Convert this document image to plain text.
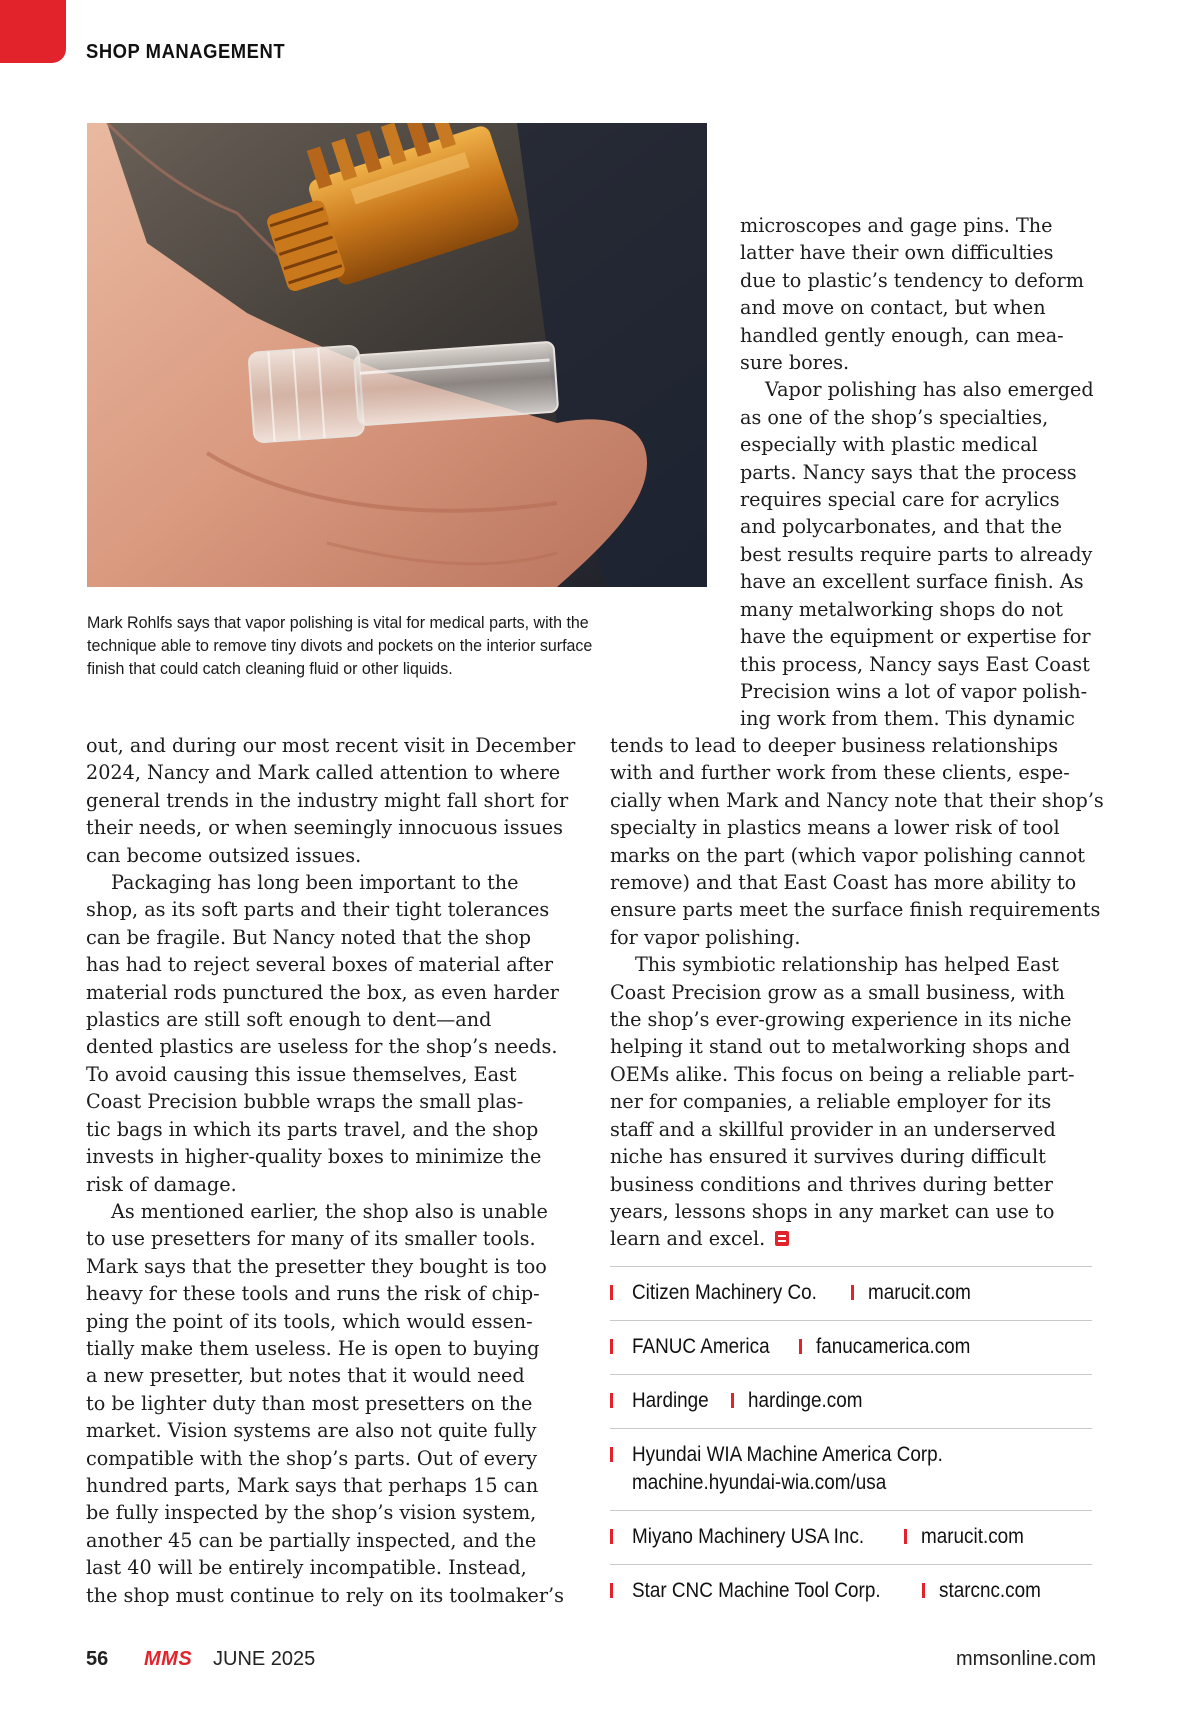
SHOP MANAGEMENT
Mark Rohlfs says that vapor polishing is vital for medical parts, with the
technique able to remove tiny divots and pockets on the interior surface
finish that could catch cleaning fluid or other liquids.
microscopes and gage pins. The
latter have their own difficulties
due to plastic’s tendency to deform
and move on contact, but when
handled gently enough, can mea-
sure bores.
Vapor polishing has also emerged
as one of the shop’s specialties,
especially with plastic medical
parts. Nancy says that the process
requires special care for acrylics
and polycarbonates, and that the
best results require parts to already
have an excellent surface finish. As
many metalworking shops do not
have the equipment or expertise for
this process, Nancy says East Coast
Precision wins a lot of vapor polish-
ing work from them. This dynamic
tends to lead to deeper business relationships
with and further work from these clients, espe-
cially when Mark and Nancy note that their shop’s
specialty in plastics means a lower risk of tool
marks on the part (which vapor polishing cannot
remove) and that East Coast has more ability to
ensure parts meet the surface finish requirements
for vapor polishing.
This symbiotic relationship has helped East
Coast Precision grow as a small business, with
the shop’s ever-growing experience in its niche
helping it stand out to metalworking shops and
OEMs alike. This focus on being a reliable part-
ner for companies, a reliable employer for its
staff and a skillful provider in an underserved
niche has ensured it survives during difficult
business conditions and thrives during better
years, lessons shops in any market can use to
learn and excel.
out, and during our most recent visit in December
2024, Nancy and Mark called attention to where
general trends in the industry might fall short for
their needs, or when seemingly innocuous issues
can become outsized issues.
Packaging has long been important to the
shop, as its soft parts and their tight tolerances
can be fragile. But Nancy noted that the shop
has had to reject several boxes of material after
material rods punctured the box, as even harder
plastics are still soft enough to dent—and
dented plastics are useless for the shop’s needs.
To avoid causing this issue themselves, East
Coast Precision bubble wraps the small plas-
tic bags in which its parts travel, and the shop
invests in higher-quality boxes to minimize the
risk of damage.
As mentioned earlier, the shop also is unable
to use presetters for many of its smaller tools.
Mark says that the presetter they bought is too
heavy for these tools and runs the risk of chip-
ping the point of its tools, which would essen-
tially make them useless. He is open to buying
a new presetter, but notes that it would need
to be lighter duty than most presetters on the
market. Vision systems are also not quite fully
compatible with the shop’s parts. Out of every
hundred parts, Mark says that perhaps 15 can
be fully inspected by the shop’s vision system,
another 45 can be partially inspected, and the
last 40 will be entirely incompatible. Instead,
the shop must continue to rely on its toolmaker’s
Citizen Machinery Co. marucit.com
FANUC America fanucamerica.com
Hardinge hardinge.com
Hyundai WIA Machine America Corp.
machine.hyundai-wia.com/usa
Miyano Machinery USA Inc.	marucit.com
Star CNC Machine Tool Corp.	starcnc.com
56 MMS JUNE 2025	mmsonline.com
